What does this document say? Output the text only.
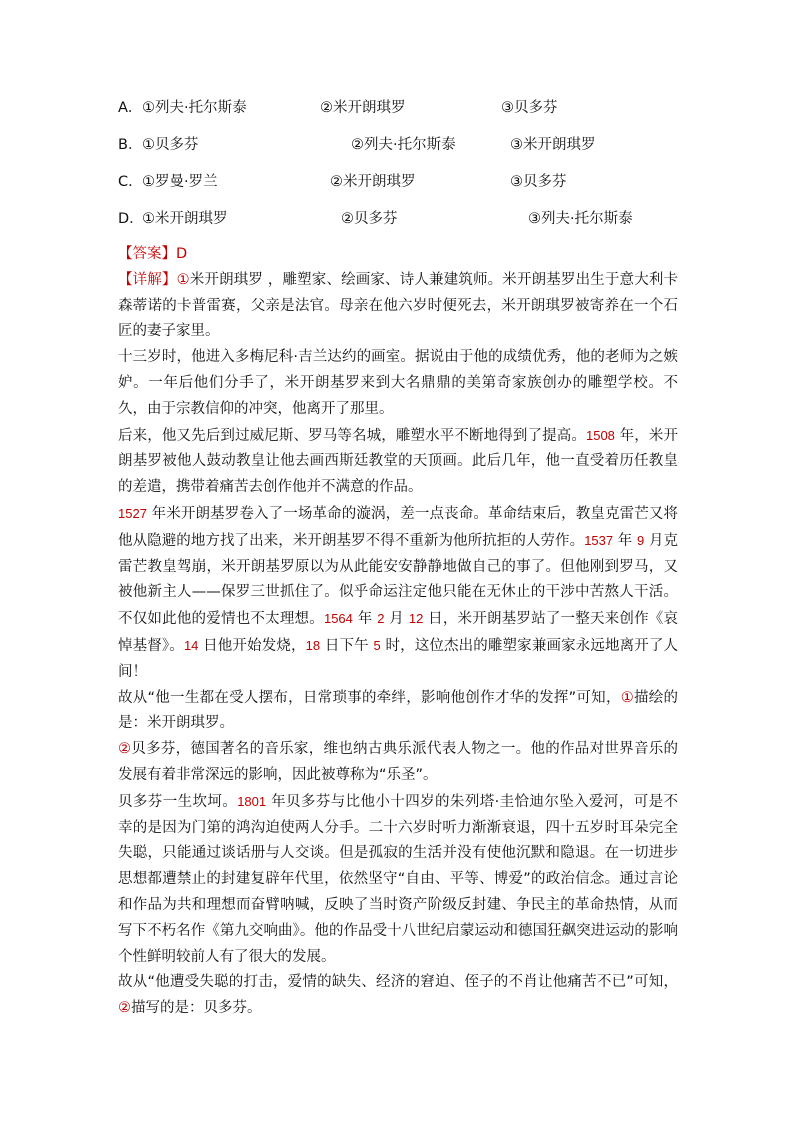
A． ①列夫·托尔斯泰	②米开朗琪罗	③贝多芬
B． ①贝多芬	②列夫·托尔斯泰	③米开朗琪罗
C． ①罗曼·罗兰	②米开朗琪罗	③贝多芬
D．
①米开朗琪罗	②贝多芬	③列夫·托尔斯泰

【答案】D

【详解】①米开朗琪罗 ，雕塑家、绘画家、诗人兼建筑师。米开朗基罗出生于意大利卡森蒂诺的卡普雷赛，父亲是法官。母亲在他六岁时便死去，米开朗琪罗被寄养在一个石匠的妻子家里。

十三岁时，他进入多梅尼科·吉兰达约的画室。据说由于他的成绩优秀，他的老师为之嫉妒。一年后他们分手了，米开朗基罗来到大名鼎鼎的美第奇家族创办的雕塑学校。不久，由于宗教信仰的冲突，他离开了那里。

后来，他又先后到过威尼斯、罗马等名城，雕塑水平不断地得到了提高。1508 年，米开朗基罗被他人鼓动教皇让他去画西斯廷教堂的天顶画。此后几年，他一直受着历任教皇的差遣，携带着痛苦去创作他并不满意的作品。

1527 年米开朗基罗卷入了一场革命的漩涡，差一点丧命。革命结束后，教皇克雷芒又将他从隐避的地方找了出来，米开朗基罗不得不重新为他所抗拒的人劳作。1537 年 9 月克雷芒教皇驾崩，米开朗基罗原以为从此能安安静静地做自己的事了。但他刚到罗马，又被他新主人——保罗三世抓住了。似乎命运注定他只能在无休止的干涉中苦熬人干活。不仅如此他的爱情也不太理想。1564 年 2 月 12 日，米开朗基罗站了一整天来创作《哀悼基督》。14 日他开始发烧，18 日下午 5 时，这位杰出的雕塑家兼画家永远地离开了人间！

故从“他一生都在受人摆布，日常琐事的牵绊，影响他创作才华的发挥”可知，①描绘的是：米开朗琪罗。

②贝多芬，德国著名的音乐家，维也纳古典乐派代表人物之一。他的作品对世界音乐的发展有着非常深远的影响，因此被尊称为“乐圣”。

贝多芬一生坎坷。1801 年贝多芬与比他小十四岁的朱列塔·圭恰迪尔坠入爱河，可是不幸的是因为门第的鸿沟迫使两人分手。二十六岁时听力渐渐衰退，四十五岁时耳朵完全失聪，只能通过谈话册与人交谈。但是孤寂的生活并没有使他沉默和隐退。在一切进步思想都遭禁止的封建复辟年代里，依然坚守“自由、平等、博爱”的政治信念。通过言论和作品为共和理想而奋臂呐喊，反映了当时资产阶级反封建、争民主的革命热情，从而写下不朽名作《第九交响曲》。他的作品受十八世纪启蒙运动和德国狂飙突进运动的影响个性鲜明较前人有了很大的发展。

故从“他遭受失聪的打击，爱情的缺失、经济的窘迫、侄子的不肖让他痛苦不已”可知，②描写的是：贝多芬。
